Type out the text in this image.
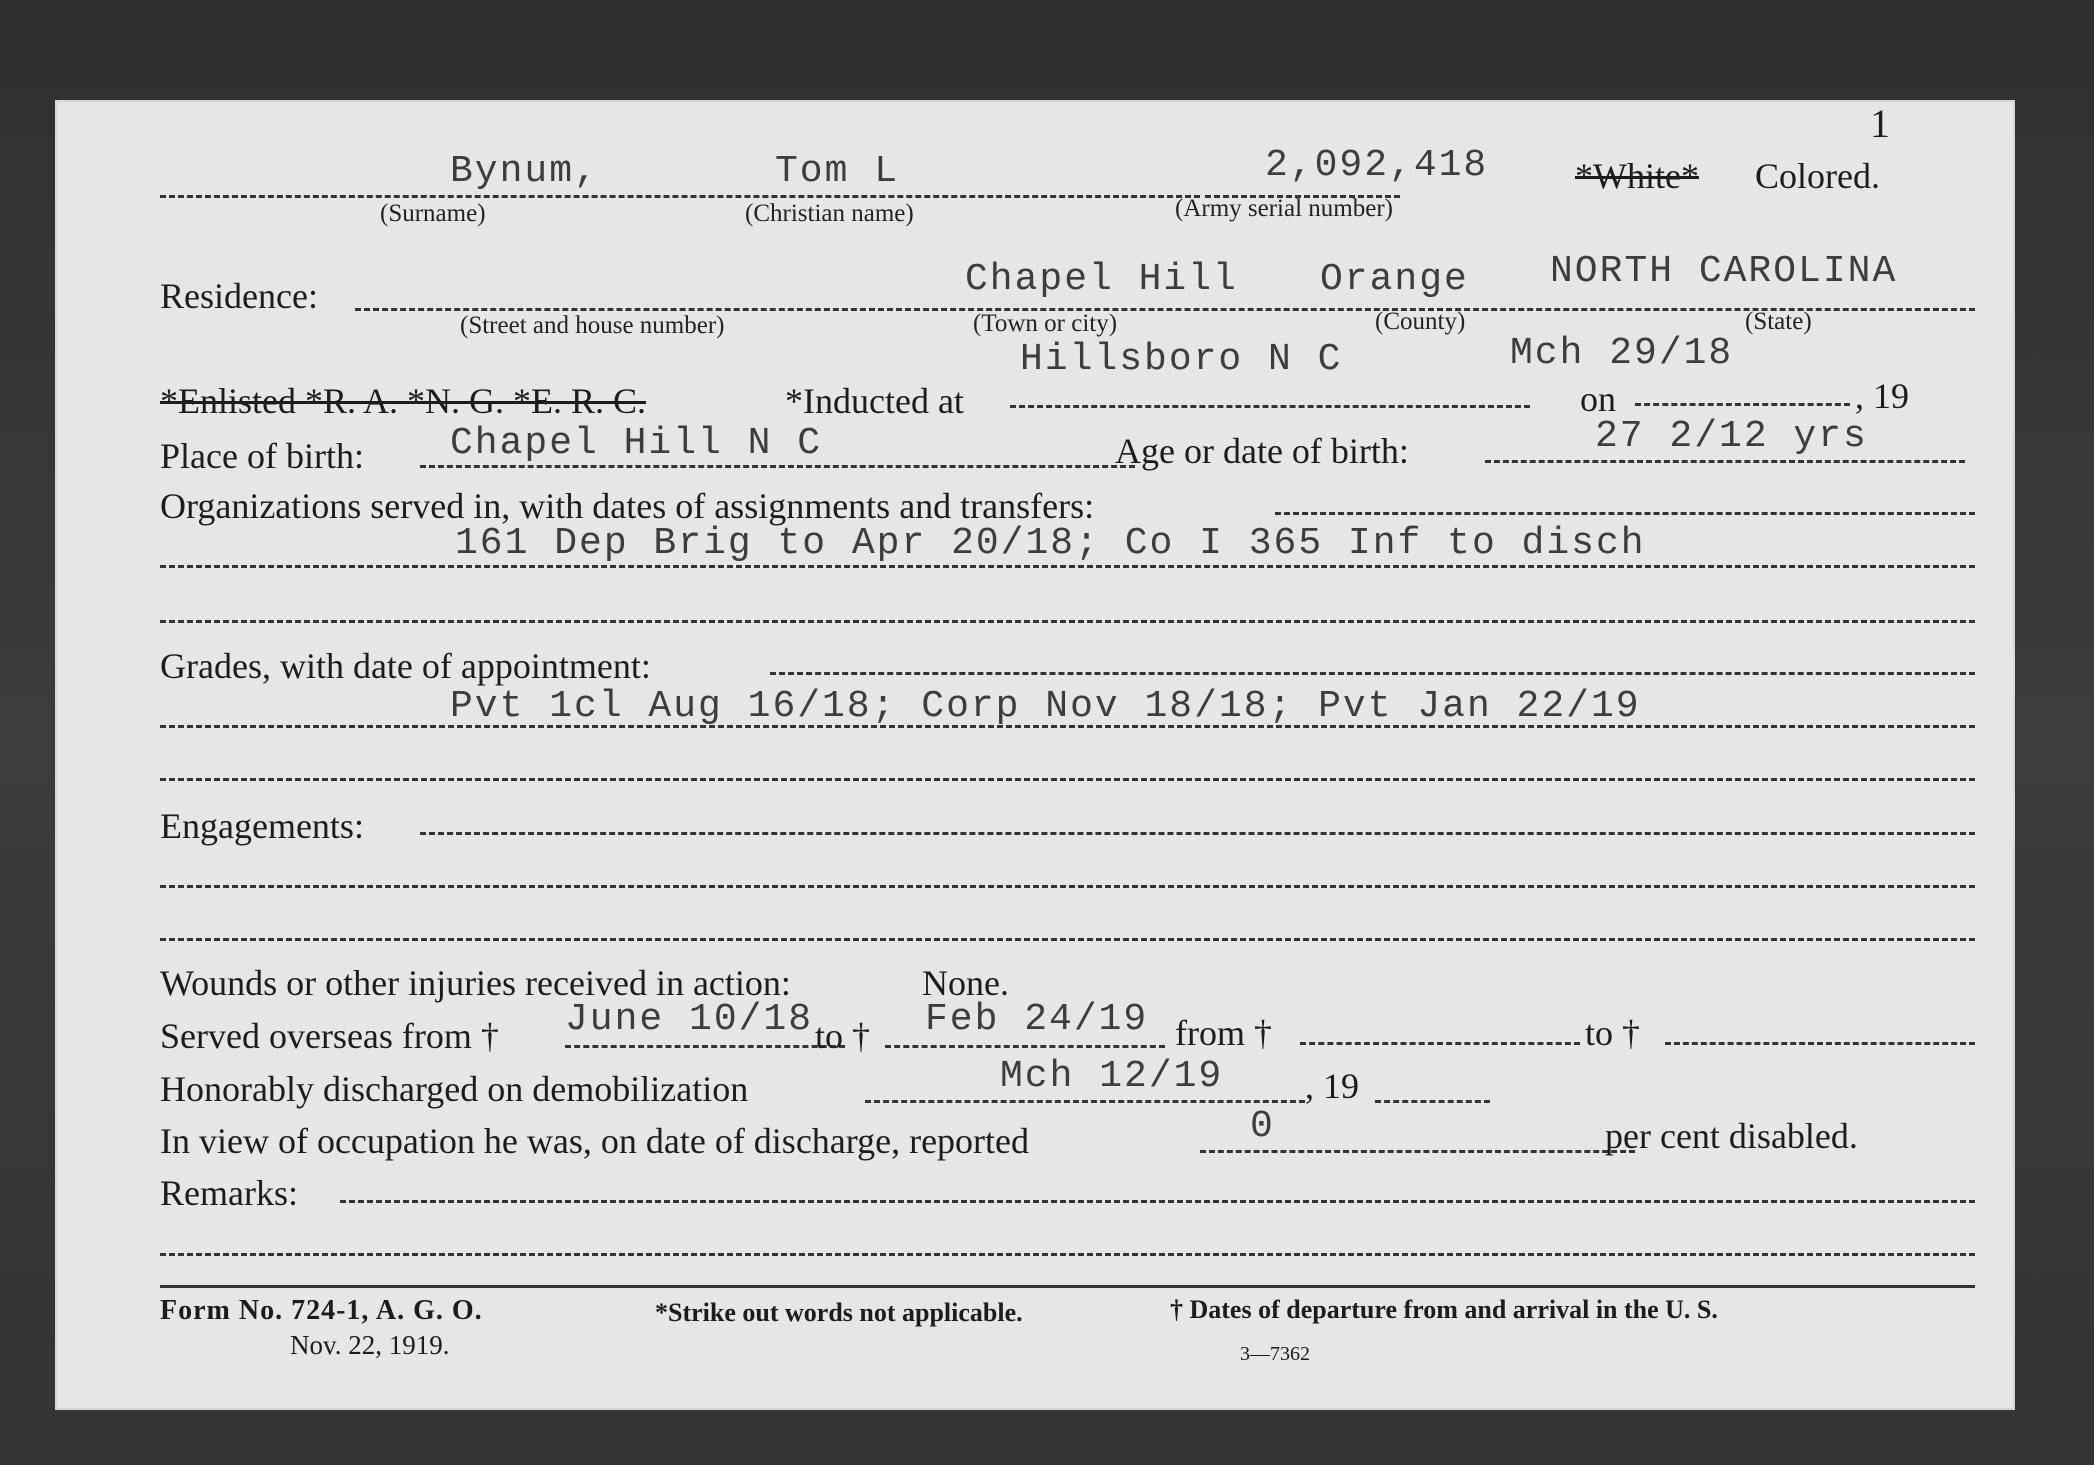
1
Bynum,	Tom L	2,092,418 *White* Colored.
(Surname)	(Christian name)	(Army serial number)
Residence:	Chapel Hill Orange NORTH CAROLINA
(Street and house number)	(Town or city)	(County)	(State)
Hillsboro N C	Mch 29/18
*Enlisted *R. A. *N. G. *E. R. C.	*Inducted at	on	, 19
Place of birth: Chapel Hill N C	Age or date of birth:	27 2/12 yrs
Organizations served in, with dates of assignments and transfers:
161 Dep Brig to Apr 20/18; Co I 365 Inf to disch
Grades, with date of appointment:
Pvt 1cl Aug 16/18; Corp Nov 18/18; Pvt Jan 22/19
Engagements:
Wounds or other injuries received in action:	None.
Served overseas from † June 10/18 to † Feb 24/19 from †	to †
Honorably discharged on demobilization	Mch 12/19 , 19
In view of occupation he was, on date of discharge, reported	0	per cent disabled.
Remarks:
Form No. 724-1, A. G. O.
Nov. 22, 1919.
*Strike out words not applicable.	† Dates of departure from and arrival in the U. S.
3—7362
